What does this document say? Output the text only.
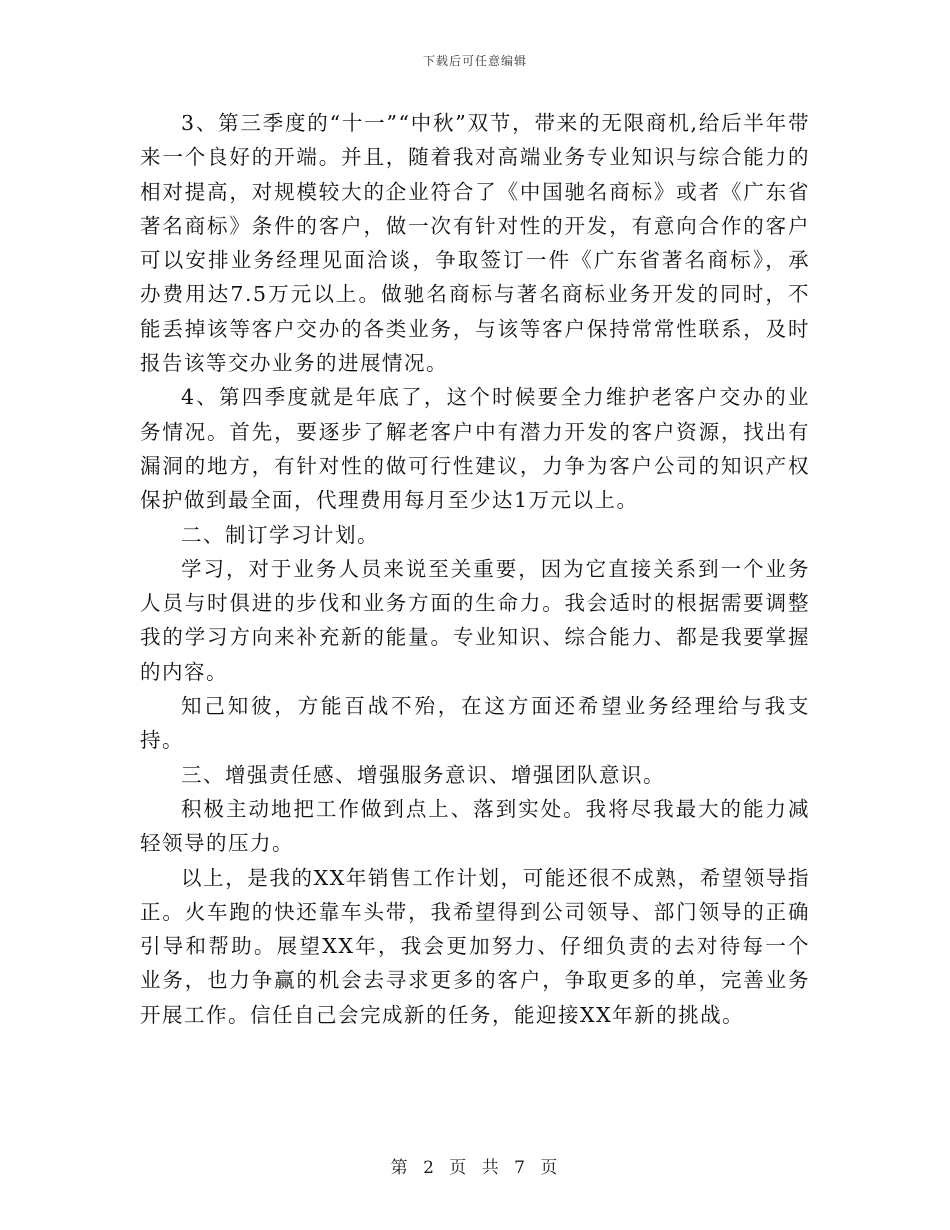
下载后可任意编辑

3、第三季度的“十一”“中秋”双节，带来的无限商机,给后半年带来一个良好的开端。并且，随着我对高端业务专业知识与综合能力的相对提高，对规模较大的企业符合了《中国驰名商标》或者《广东省著名商标》条件的客户，做一次有针对性的开发，有意向合作的客户可以安排业务经理见面洽谈，争取签订一件《广东省著名商标》，承办费用达7.5万元以上。做驰名商标与著名商标业务开发的同时，不能丢掉该等客户交办的各类业务，与该等客户保持常常性联系，及时报告该等交办业务的进展情况。

4、第四季度就是年底了，这个时候要全力维护老客户交办的业务情况。首先，要逐步了解老客户中有潜力开发的客户资源，找出有漏洞的地方，有针对性的做可行性建议，力争为客户公司的知识产权保护做到最全面，代理费用每月至少达1万元以上。

二、制订学习计划。

学习，对于业务人员来说至关重要，因为它直接关系到一个业务人员与时俱进的步伐和业务方面的生命力。我会适时的根据需要调整我的学习方向来补充新的能量。专业知识、综合能力、都是我要掌握的内容。

知己知彼，方能百战不殆，在这方面还希望业务经理给与我支持。

三、增强责任感、增强服务意识、增强团队意识。

积极主动地把工作做到点上、落到实处。我将尽我最大的能力减轻领导的压力。

以上，是我的XX年销售工作计划，可能还很不成熟，希望领导指正。火车跑的快还靠车头带，我希望得到公司领导、部门领导的正确引导和帮助。展望XX年，我会更加努力、仔细负责的去对待每一个业务，也力争赢的机会去寻求更多的客户，争取更多的单，完善业务开展工作。信任自己会完成新的任务，能迎接XX年新的挑战。

第 2 页 共 7 页
